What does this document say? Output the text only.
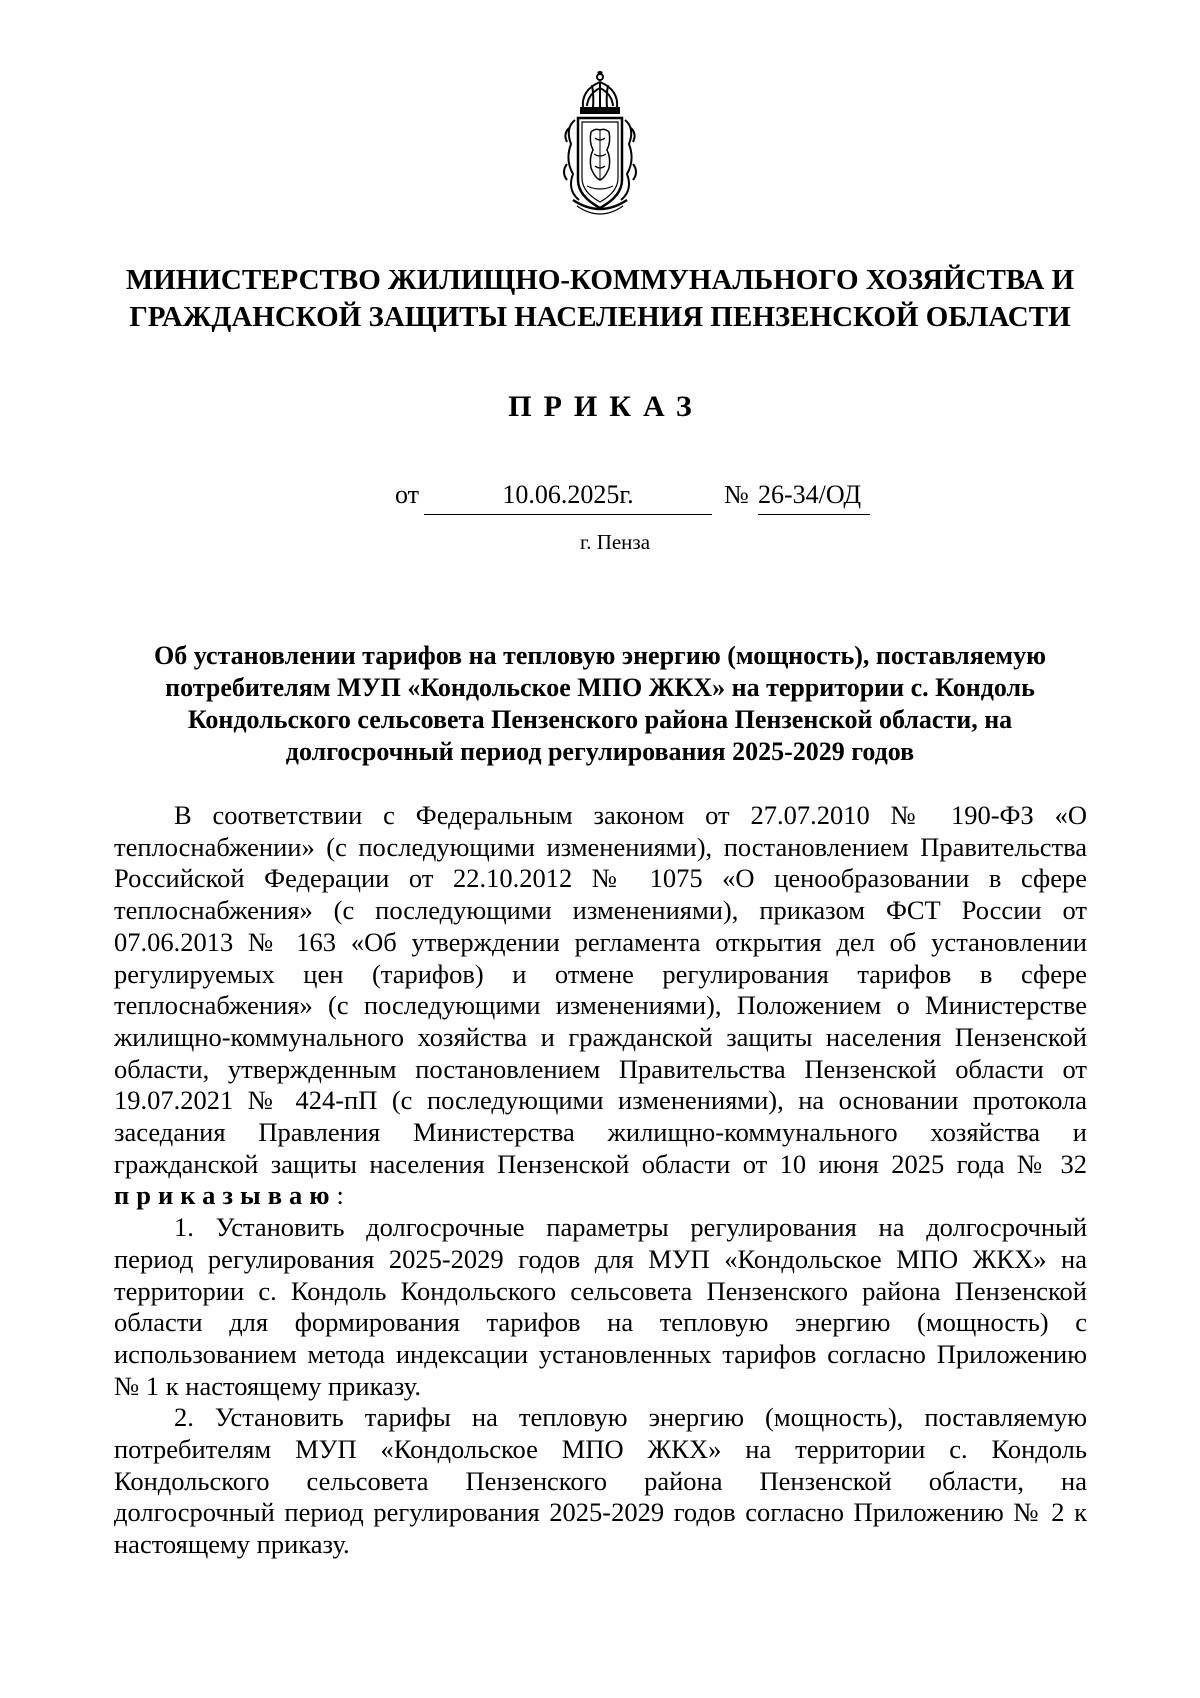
МИНИСТЕРСТВО ЖИЛИЩНО-КОММУНАЛЬНОГО ХОЗЯЙСТВА И
ГРАЖДАНСКОЙ ЗАЩИТЫ НАСЕЛЕНИЯ ПЕНЗЕНСКОЙ ОБЛАСТИ
ПРИКАЗ
от	10.06.2025г.	№ 26-34/ОД
г. Пенза
Об установлении тарифов на тепловую энергию (мощность), поставляемую
потребителям МУП «Кондольское МПО ЖКХ» на территории с. Кондоль
Кондольского сельсовета Пензенского района Пензенской области, на
долгосрочный период регулирования 2025-2029 годов
В соответствии с Федеральным законом от 27.07.2010 № 190-ФЗ «О
теплоснабжении» (с последующими изменениями), постановлением Правительства
Российской Федерации от 22.10.2012 № 1075 «О ценообразовании в сфере
теплоснабжения» (с последующими изменениями), приказом ФСТ России от
07.06.2013 № 163 «Об утверждении регламента открытия дел об установлении
регулируемых цен (тарифов) и отмене регулирования тарифов в сфере
теплоснабжения» (с последующими изменениями), Положением о Министерстве
жилищно-коммунального хозяйства и гражданской защиты населения Пензенской
области, утвержденным постановлением Правительства Пензенской области от
19.07.2021 № 424-пП (с последующими изменениями), на основании протокола
заседания Правления Министерства жилищно-коммунального хозяйства и
гражданской защиты населения Пензенской области от 10 июня 2025 года № 32
приказываю:
1. Установить долгосрочные параметры регулирования на долгосрочный
период регулирования 2025-2029 годов для МУП «Кондольское МПО ЖКХ» на
территории с. Кондоль Кондольского сельсовета Пензенского района Пензенской
области для формирования тарифов на тепловую энергию (мощность) с
использованием метода индексации установленных тарифов согласно Приложению
№ 1 к настоящему приказу.
2. Установить тарифы на тепловую энергию (мощность), поставляемую
потребителям МУП «Кондольское МПО ЖКХ» на территории с. Кондоль
Кондольского сельсовета Пензенского района Пензенской области, на
долгосрочный период регулирования 2025-2029 годов согласно Приложению № 2 к
настоящему приказу.
